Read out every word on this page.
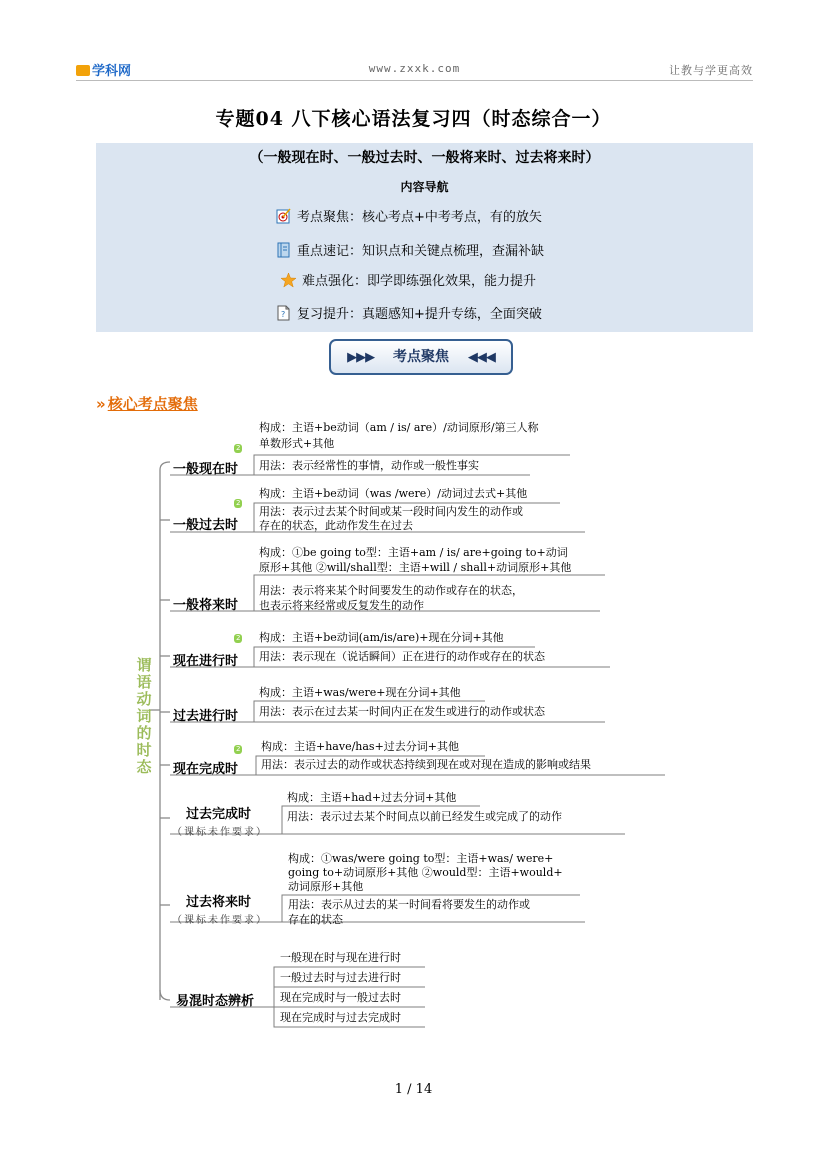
学科网	www.zxxk.com	让教与学更高效
专题04 八下核心语法复习四（时态综合一）
（一般现在时、一般过去时、一般将来时、过去将来时）
内容导航
考点聚焦：核心考点+中考考点，有的放矢
重点速记：知识点和关键点梳理，查漏补缺
难点强化：即学即练强化效果，能力提升
? 复习提升：真题感知+提升专练，全面突破
▶▶▶ 考点聚焦 ◀◀◀
» 核心考点聚焦
谓
语
动
词
的
时
态
2
2
2
2
一般现在时
一般过去时
一般将来时
现在进行时
过去进行时
现在完成时
过去完成时
（课标未作要求）
过去将来时
（课标未作要求）
易混时态辨析
构成：主语+be动词（am / is/ are）/动词原形/第三人称
单数形式+其他
用法：表示经常性的事情，动作或一般性事实
构成：主语+be动词（was /were）/动词过去式+其他
用法：表示过去某个时间或某一段时间内发生的动作或
存在的状态，此动作发生在过去
构成：①be going to型：主语+am / is/ are+going to+动词
原形+其他 ②will/shall型：主语+will / shall+动词原形+其他
用法：表示将来某个时间要发生的动作或存在的状态，
也表示将来经常或反复发生的动作
构成：主语+be动词(am/is/are)+现在分词+其他
用法：表示现在（说话瞬间）正在进行的动作或存在的状态
构成：主语+was/were+现在分词+其他
用法：表示在过去某一时间内正在发生或进行的动作或状态
构成：主语+have/has+过去分词+其他
用法：表示过去的动作或状态持续到现在或对现在造成的影响或结果
构成：主语+had+过去分词+其他
用法：表示过去某个时间点以前已经发生或完成了的动作
构成：①was/were going to型：主语+was/ were+
going to+动词原形+其他 ②would型：主语+would+
动词原形+其他
用法：表示从过去的某一时间看将要发生的动作或
存在的状态
一般现在时与现在进行时
一般过去时与过去进行时
现在完成时与一般过去时
现在完成时与过去完成时
1 / 14
